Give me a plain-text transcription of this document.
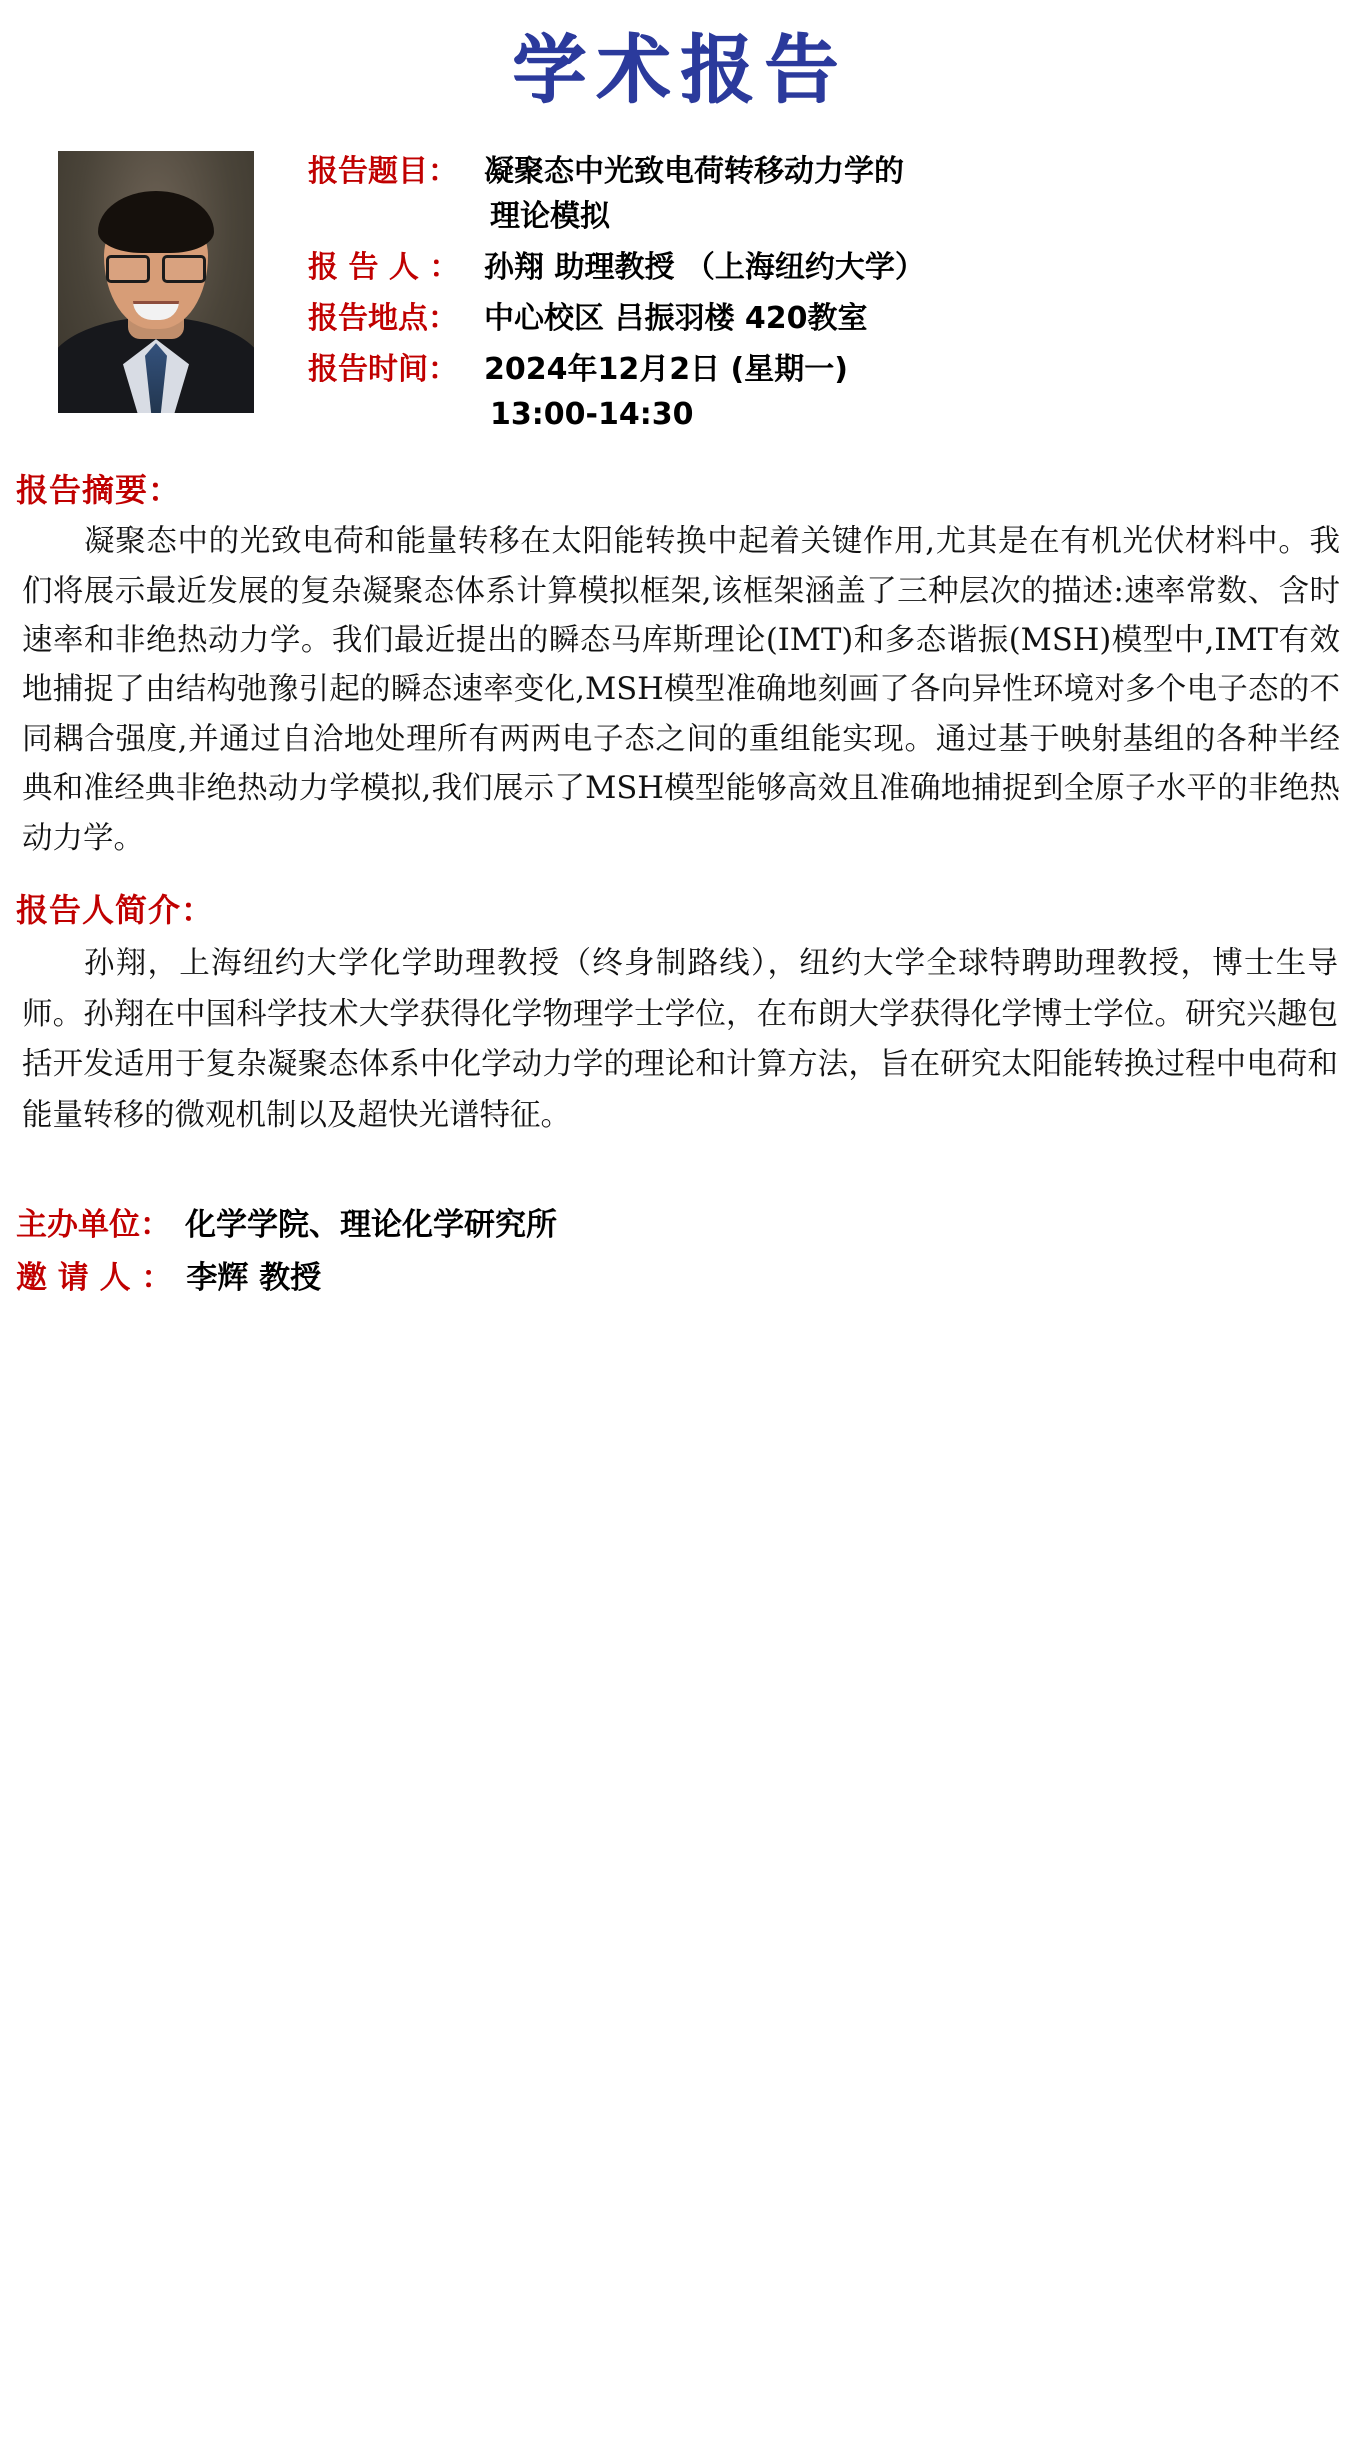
学术报告
报告题目： 凝聚态中光致电荷转移动力学的
理论模拟
报 告 人 ： 孙翔 助理教授 （上海纽约大学）
报告地点： 中心校区 吕振羽楼 420教室
报告时间： 2024年12月2日 (星期一)
13:00-14:30
报告摘要：
凝聚态中的光致电荷和能量转移在太阳能转换中起着关键作用,尤其是在有机光伏材料中。我们将展示最近发展的复杂凝聚态体系计算模拟框架,该框架涵盖了三种层次的描述:速率常数、含时速率和非绝热动力学。我们最近提出的瞬态马库斯理论(IMT)和多态谐振(MSH)模型中,IMT有效地捕捉了由结构弛豫引起的瞬态速率变化,MSH模型准确地刻画了各向异性环境对多个电子态的不同耦合强度,并通过自洽地处理所有两两电子态之间的重组能实现。通过基于映射基组的各种半经典和准经典非绝热动力学模拟,我们展示了MSH模型能够高效且准确地捕捉到全原子水平的非绝热动力学。
报告人简介：
孙翔，上海纽约大学化学助理教授（终身制路线），纽约大学全球特聘助理教授，博士生导师。孙翔在中国科学技术大学获得化学物理学士学位，在布朗大学获得化学博士学位。研究兴趣包括开发适用于复杂凝聚态体系中化学动力学的理论和计算方法，旨在研究太阳能转换过程中电荷和能量转移的微观机制以及超快光谱特征。
主办单位： 化学学院、理论化学研究所
邀 请 人 ： 李辉 教授
